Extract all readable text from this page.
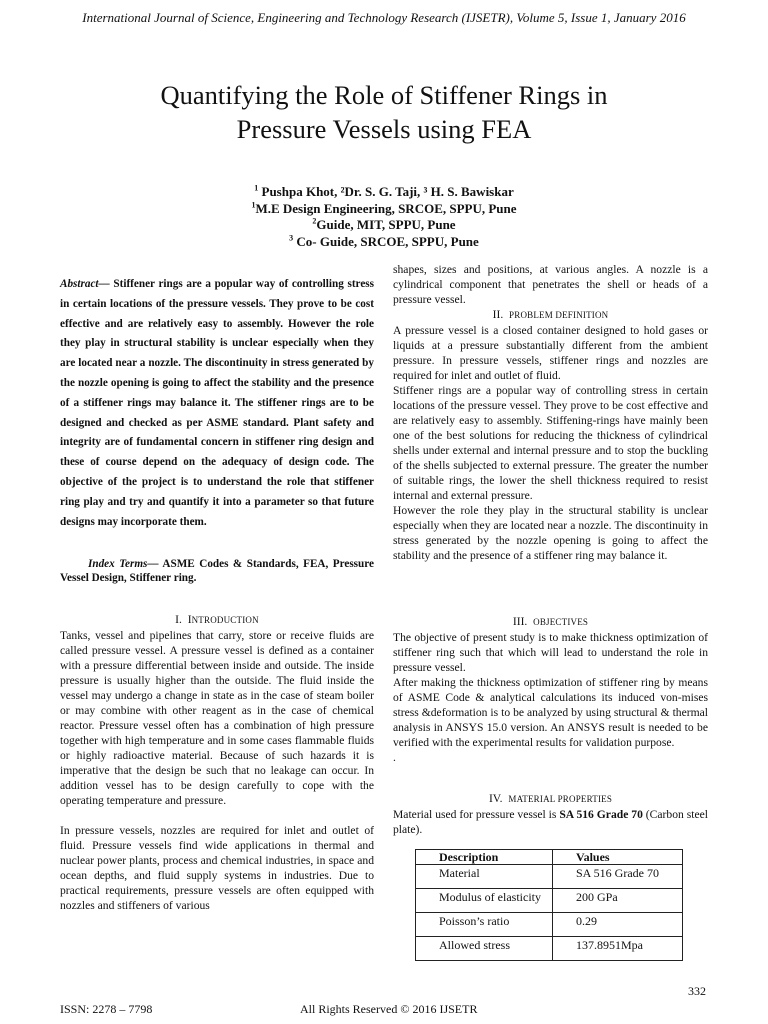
International Journal of Science, Engineering and Technology Research (IJSETR), Volume 5, Issue 1, January 2016
Quantifying the Role of Stiffener Rings in
Pressure Vessels using FEA
$^1$ Pushpa Khot, ²Dr. S. G. Taji, ³ H. S. Bawiskar
$^1$M.E Design Engineering, SRCOE, SPPU, Pune
$^2$Guide, MIT, SPPU, Pune
$^3$ Co- Guide, SRCOE, SPPU, Pune
Abstract— Stiffener rings are a popular way of controlling stress in certain locations of the pressure vessels. They prove to be cost effective and are relatively easy to assembly. However the role they play in structural stability is unclear especially when they are located near a nozzle. The discontinuity in stress generated by the nozzle opening is going to affect the stability and the presence of a stiffener rings may balance it. The stiffener rings are to be designed and checked as per ASME standard. Plant safety and integrity are of fundamental concern in stiffener ring design and these of course depend on the adequacy of design code. The objective of the project is to understand the role that stiffener ring play and try and quantify it into a parameter so that future designs may incorporate them.
Index Terms— ASME Codes & Standards, FEA, Pressure Vessel Design, Stiffener ring.
I. INTRODUCTION

Tanks, vessel and pipelines that carry, store or receive fluids are called pressure vessel. A pressure vessel is defined as a container with a pressure differential between inside and outside. The inside pressure is usually higher than the outside. The fluid inside the vessel may undergo a change in state as in the case of steam boiler or may combine with other reagent as in the case of chemical reactor. Pressure vessel often has a combination of high pressure together with high temperature and in some cases flammable fluids or highly radioactive material. Because of such hazards it is imperative that the design be such that no leakage can occur. In addition vessel has to be design carefully to cope with the operating temperature and pressure.

In pressure vessels, nozzles are required for inlet and outlet of fluid. Pressure vessels find wide applications in thermal and nuclear power plants, process and chemical industries, in space and ocean depths, and fluid supply systems in industries. Due to practical requirements, pressure vessels are often equipped with nozzles and stiffeners of various

shapes, sizes and positions, at various angles. A nozzle is a cylindrical component that penetrates the shell or heads of a pressure vessel.

II. PROBLEM DEFINITION

A pressure vessel is a closed container designed to hold gases or liquids at a pressure substantially different from the ambient pressure. In pressure vessels, stiffener rings and nozzles are required for inlet and outlet of fluid.

Stiffener rings are a popular way of controlling stress in certain locations of the pressure vessel. They prove to be cost effective and are relatively easy to assembly. Stiffening-rings have mainly been one of the best solutions for reducing the thickness of cylindrical shells under external and internal pressure and to stop the buckling of the shells subjected to external pressure. The greater the number of suitable rings, the lower the shell thickness required to resist internal and external pressure.

However the role they play in the structural stability is unclear especially when they are located near a nozzle. The discontinuity in stress generated by the nozzle opening is going to affect the stability and the presence of a stiffener ring may balance it.

III. OBJECTIVES

The objective of present study is to make thickness optimization of stiffener ring such that which will lead to understand the role in pressure vessel.

After making the thickness optimization of stiffener ring by means of ASME Code & analytical calculations its induced von-mises stress &deformation is to be analyzed by using structural & thermal analysis in ANSYS 15.0 version. An ANSYS result is needed to be verified with the experimental results for validation purpose.

.

IV. MATERIAL PROPERTIES

Material used for pressure vessel is SA 516 Grade 70 (Carbon steel plate).

Description	Values
Material	SA 516 Grade 70
Modulus of elasticity	200 GPa
Poisson’s ratio	0.29
Allowed stress	137.8951Mpa
332
ISSN: 2278 – 7798	All Rights Reserved © 2016 IJSETR
